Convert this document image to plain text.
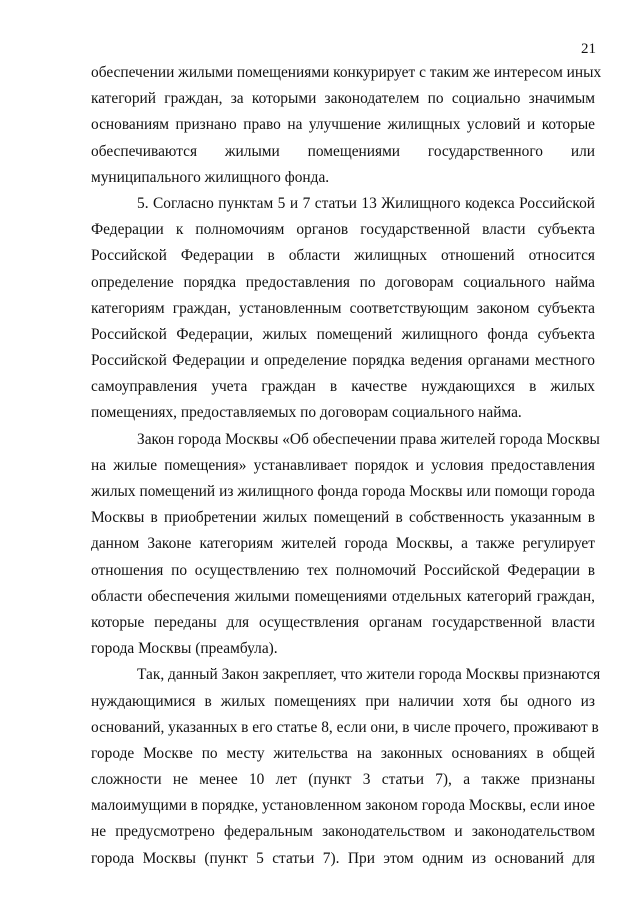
21
обеспечении жилыми помещениями конкурирует с таким же интересом иных
категорий граждан, за которыми законодателем по социально значимым
основаниям признано право на улучшение жилищных условий и которые
обеспечиваются жилыми помещениями государственного или
муниципального жилищного фонда.
5. Согласно пунктам 5 и 7 статьи 13 Жилищного кодекса Российской
Федерации к полномочиям органов государственной власти субъекта
Российской Федерации в области жилищных отношений относится
определение порядка предоставления по договорам социального найма
категориям граждан, установленным соответствующим законом субъекта
Российской Федерации, жилых помещений жилищного фонда субъекта
Российской Федерации и определение порядка ведения органами местного
самоуправления учета граждан в качестве нуждающихся в жилых
помещениях, предоставляемых по договорам социального найма.
Закон города Москвы «Об обеспечении права жителей города Москвы
на жилые помещения» устанавливает порядок и условия предоставления
жилых помещений из жилищного фонда города Москвы или помощи города
Москвы в приобретении жилых помещений в собственность указанным в
данном Законе категориям жителей города Москвы, а также регулирует
отношения по осуществлению тех полномочий Российской Федерации в
области обеспечения жилыми помещениями отдельных категорий граждан,
которые переданы для осуществления органам государственной власти
города Москвы (преамбула).
Так, данный Закон закрепляет, что жители города Москвы признаются
нуждающимися в жилых помещениях при наличии хотя бы одного из
оснований, указанных в его статье 8, если они, в числе прочего, проживают в
городе Москве по месту жительства на законных основаниях в общей
сложности не менее 10 лет (пункт 3 статьи 7), а также признаны
малоимущими в порядке, установленном законом города Москвы, если иное
не предусмотрено федеральным законодательством и законодательством
города Москвы (пункт 5 статьи 7). При этом одним из оснований для
